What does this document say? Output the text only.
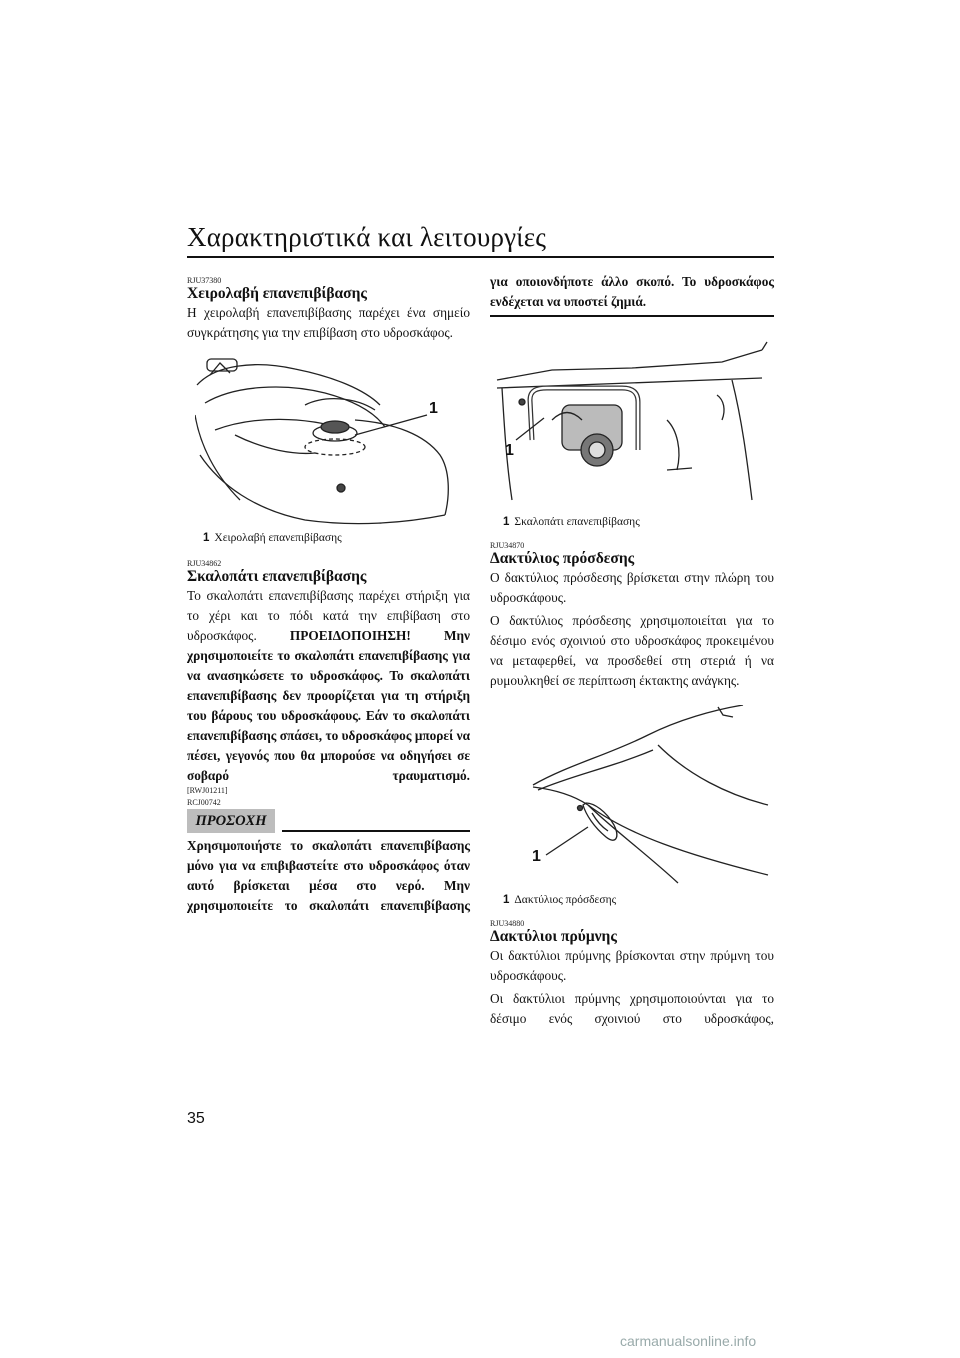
Χαρακτηριστικά και λειτουργίες
RJU37380
Χειρολαβή επανεπιβίβασης
Η χειρολαβή επανεπιβίβασης παρέχει ένα σημείο συγκράτησης για την επιβίβαση στο υδροσκάφος.
1
1 Χειρολαβή επανεπιβίβασης
RJU34862
Σκαλοπάτι επανεπιβίβασης
Το σκαλοπάτι επανεπιβίβασης παρέχει στήριξη για το χέρι και το πόδι κατά την επιβίβαση στο υδροσκάφος. ΠΡΟΕΙΔΟΠΟΙΗΣΗ! Μην χρησιμοποιείτε το σκαλοπάτι επανεπιβίβασης για να ανασηκώσετε το υδροσκάφος. Το σκαλοπάτι επανεπιβίβασης δεν προορίζεται για τη στήριξη του βάρους του υδροσκάφους. Εάν το σκαλοπάτι επανεπιβίβασης σπάσει, το υδροσκάφος μπορεί να πέσει, γεγονός που θα μπορούσε να οδηγήσει σε σοβαρό τραυματισμό.
[RWJ01211]
RCJ00742
ΠΡΟΣΟΧΗ
Χρησιμοποιήστε το σκαλοπάτι επανεπιβίβασης μόνο για να επιβιβαστείτε στο υδροσκάφος όταν αυτό βρίσκεται μέσα στο νερό. Μην χρησιμοποιείτε το σκαλοπάτι επανεπιβίβασης
για οποιονδήποτε άλλο σκοπό. Το υδροσκάφος ενδέχεται να υποστεί ζημιά.
1
1 Σκαλοπάτι επανεπιβίβασης
RJU34870
Δακτύλιος πρόσδεσης
Ο δακτύλιος πρόσδεσης βρίσκεται στην πλώρη του υδροσκάφους.
Ο δακτύλιος πρόσδεσης χρησιμοποιείται για το δέσιμο ενός σχοινιού στο υδροσκάφος προκειμένου να μεταφερθεί, να προσδεθεί στη στεριά ή να ρυμουλκηθεί σε περίπτωση έκτακτης ανάγκης.
1
1 Δακτύλιος πρόσδεσης
RJU34880
Δακτύλιοι πρύμνης
Οι δακτύλιοι πρύμνης βρίσκονται στην πρύμνη του υδροσκάφους.
Οι δακτύλιοι πρύμνης χρησιμοποιούνται για το δέσιμο ενός σχοινιού στο υδροσκάφος,
35
carmanualsonline.info
